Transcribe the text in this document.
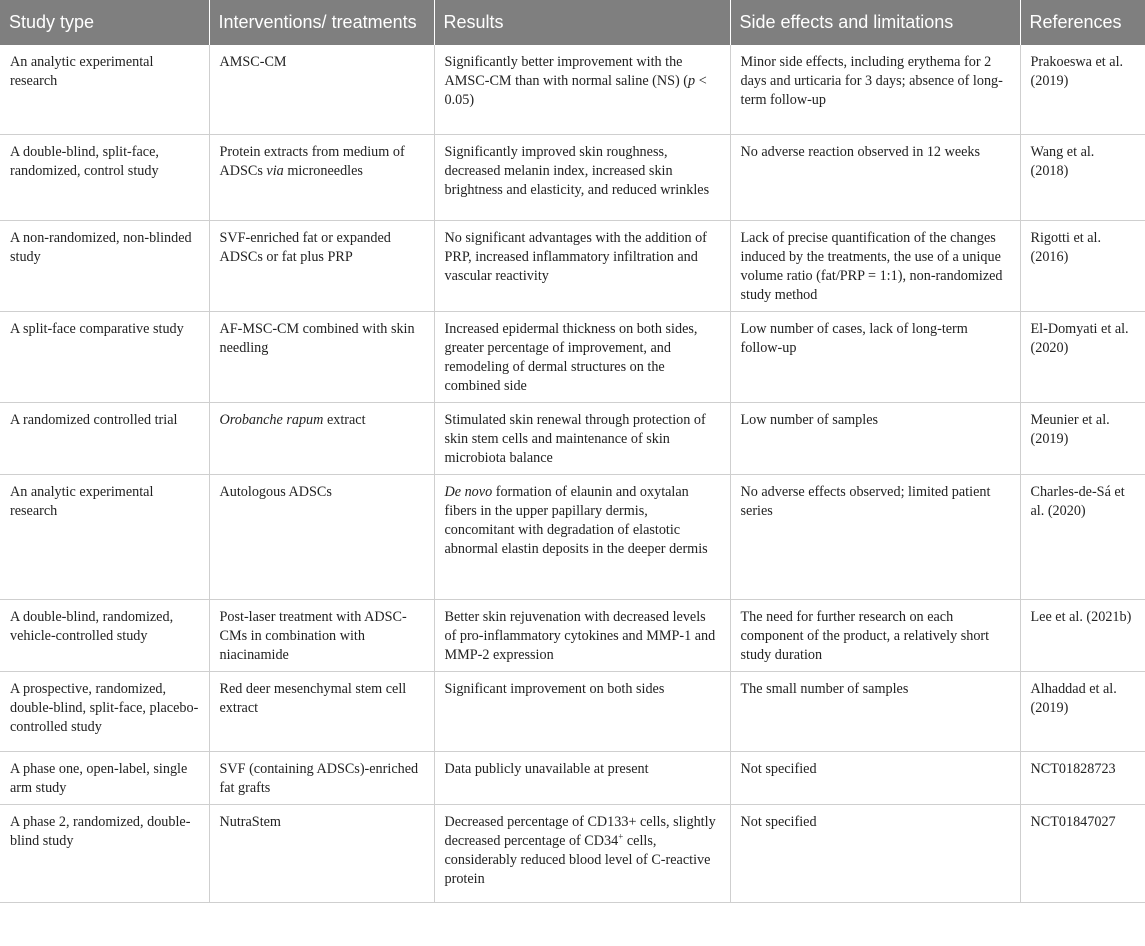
Study type	Interventions/ treatments	Results	Side effects and limitations	References
An analytic experimental research	AMSC-CM	Significantly better improvement with the AMSC-CM than with normal saline (NS) (p < 0.05)	Minor side effects, including erythema for 2 days and urticaria for 3 days; absence of long-term follow-up	Prakoeswa et al. (2019)
A double-blind, split-face, randomized, control study	Protein extracts from medium of ADSCs via microneedles	Significantly improved skin roughness, decreased melanin index, increased skin brightness and elasticity, and reduced wrinkles	No adverse reaction observed in 12 weeks	Wang et al. (2018)
A non-randomized, non-blinded study	SVF-enriched fat or expanded ADSCs or fat plus PRP	No significant advantages with the addition of PRP, increased inflammatory infiltration and vascular reactivity	Lack of precise quantification of the changes induced by the treatments, the use of a unique volume ratio (fat/PRP = 1:1), non-randomized study method	Rigotti et al. (2016)
A split-face comparative study	AF-MSC-CM combined with skin needling	Increased epidermal thickness on both sides, greater percentage of improvement, and remodeling of dermal structures on the combined side	Low number of cases, lack of long-term follow-up	El-Domyati et al. (2020)
A randomized controlled trial	Orobanche rapum extract	Stimulated skin renewal through protection of skin stem cells and maintenance of skin microbiota balance	Low number of samples	Meunier et al. (2019)
An analytic experimental research	Autologous ADSCs	De novo formation of elaunin and oxytalan fibers in the upper papillary dermis, concomitant with degradation of elastotic abnormal elastin deposits in the deeper dermis	No adverse effects observed; limited patient series	Charles-de-Sá et al. (2020)
A double-blind, randomized, vehicle-controlled study	Post-laser treatment with ADSC-CMs in combination with niacinamide	Better skin rejuvenation with decreased levels of pro-inflammatory cytokines and MMP-1 and MMP-2 expression	The need for further research on each component of the product, a relatively short study duration	Lee et al. (2021b)
A prospective, randomized, double-blind, split-face, placebo-controlled study	Red deer mesenchymal stem cell extract	Significant improvement on both sides	The small number of samples	Alhaddad et al. (2019)
A phase one, open-label, single arm study	SVF (containing ADSCs)-enriched fat grafts	Data publicly unavailable at present	Not specified	NCT01828723
A phase 2, randomized, double-blind study	NutraStem	Decreased percentage of CD133+ cells, slightly decreased percentage of CD34+ cells, considerably reduced blood level of C-reactive protein	Not specified	NCT01847027
